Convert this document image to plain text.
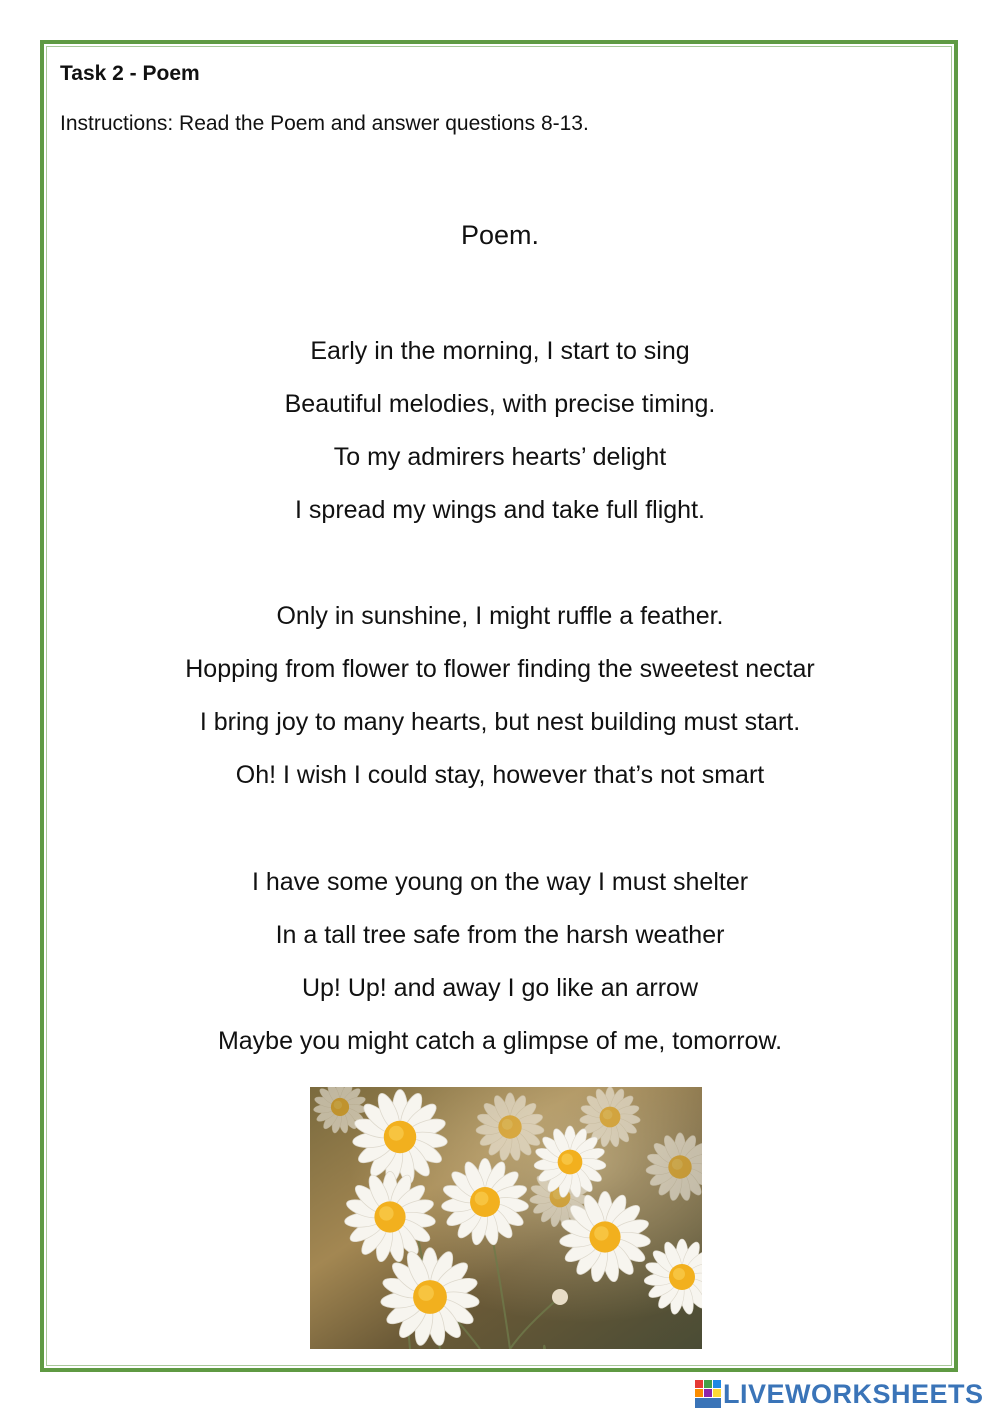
Task 2 - Poem
Instructions: Read the Poem and answer questions 8-13.
Poem.
Early in the morning, I start to sing
Beautiful melodies, with precise timing.
To my admirers hearts’ delight
I spread my wings and take full flight.
Only in sunshine, I might ruffle a feather.
Hopping from flower to flower finding the sweetest nectar
I bring joy to many hearts, but nest building must start.
Oh! I wish I could stay, however that’s not smart
I have some young on the way I must shelter
In a tall tree safe from the harsh weather
Up! Up! and away I go like an arrow
Maybe you might catch a glimpse of me, tomorrow.
LIVEWORKSHEETS
